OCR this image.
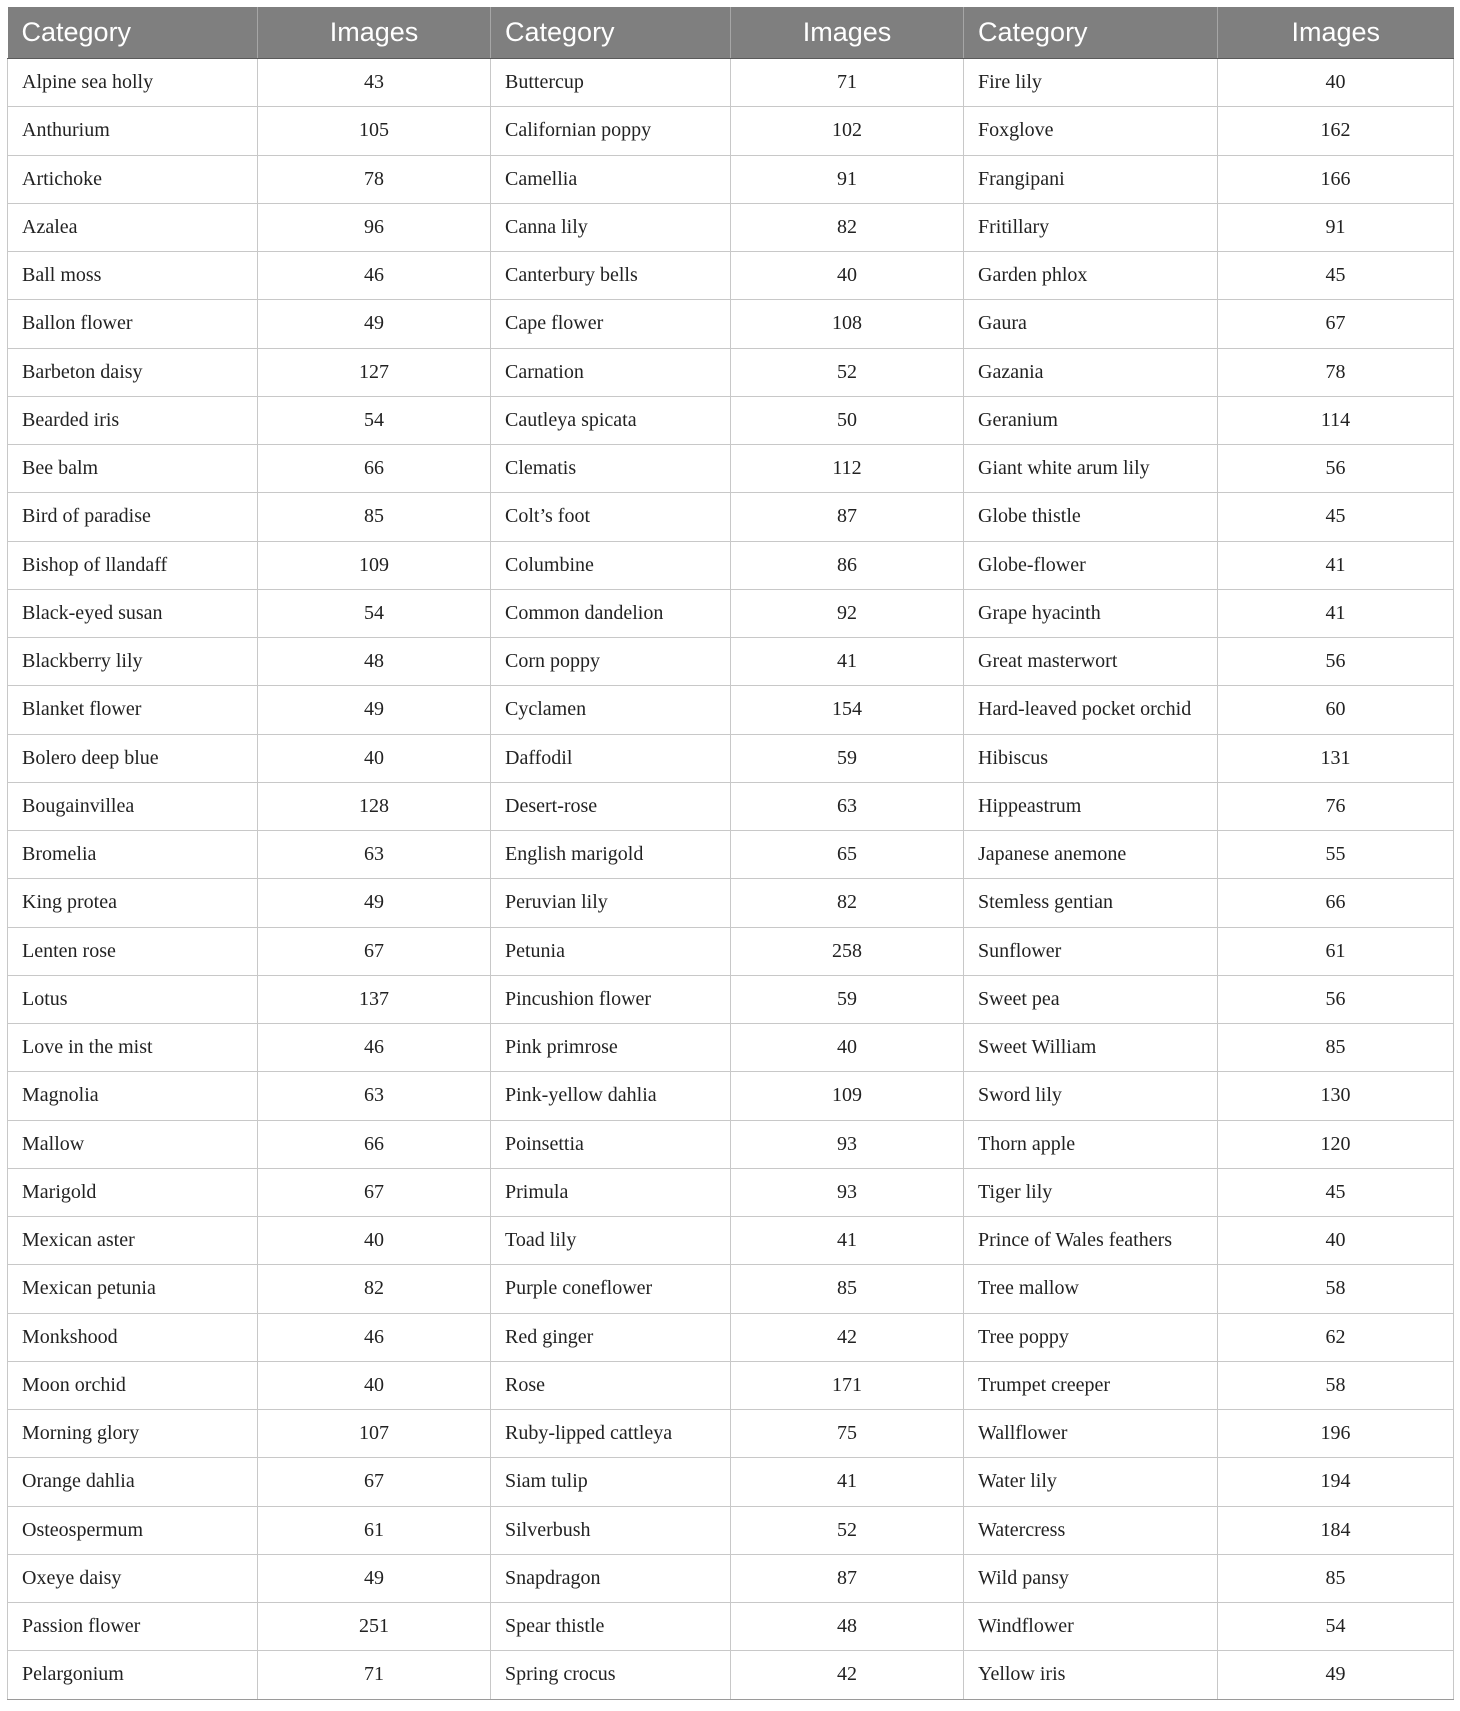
Category	Images	Category	Images	Category	Images
Alpine sea holly	43	Buttercup	71	Fire lily	40
Anthurium	105	Californian poppy	102	Foxglove	162
Artichoke	78	Camellia	91	Frangipani	166
Azalea	96	Canna lily	82	Fritillary	91
Ball moss	46	Canterbury bells	40	Garden phlox	45
Ballon flower	49	Cape flower	108	Gaura	67
Barbeton daisy	127	Carnation	52	Gazania	78
Bearded iris	54	Cautleya spicata	50	Geranium	114
Bee balm	66	Clematis	112	Giant white arum lily	56
Bird of paradise	85	Colt’s foot	87	Globe thistle	45
Bishop of llandaff	109	Columbine	86	Globe-flower	41
Black-eyed susan	54	Common dandelion	92	Grape hyacinth	41
Blackberry lily	48	Corn poppy	41	Great masterwort	56
Blanket flower	49	Cyclamen	154	Hard-leaved pocket orchid	60
Bolero deep blue	40	Daffodil	59	Hibiscus	131
Bougainvillea	128	Desert-rose	63	Hippeastrum	76
Bromelia	63	English marigold	65	Japanese anemone	55
King protea	49	Peruvian lily	82	Stemless gentian	66
Lenten rose	67	Petunia	258	Sunflower	61
Lotus	137	Pincushion flower	59	Sweet pea	56
Love in the mist	46	Pink primrose	40	Sweet William	85
Magnolia	63	Pink-yellow dahlia	109	Sword lily	130
Mallow	66	Poinsettia	93	Thorn apple	120
Marigold	67	Primula	93	Tiger lily	45
Mexican aster	40	Toad lily	41	Prince of Wales feathers	40
Mexican petunia	82	Purple coneflower	85	Tree mallow	58
Monkshood	46	Red ginger	42	Tree poppy	62
Moon orchid	40	Rose	171	Trumpet creeper	58
Morning glory	107	Ruby-lipped cattleya	75	Wallflower	196
Orange dahlia	67	Siam tulip	41	Water lily	194
Osteospermum	61	Silverbush	52	Watercress	184
Oxeye daisy	49	Snapdragon	87	Wild pansy	85
Passion flower	251	Spear thistle	48	Windflower	54
Pelargonium	71	Spring crocus	42	Yellow iris	49
